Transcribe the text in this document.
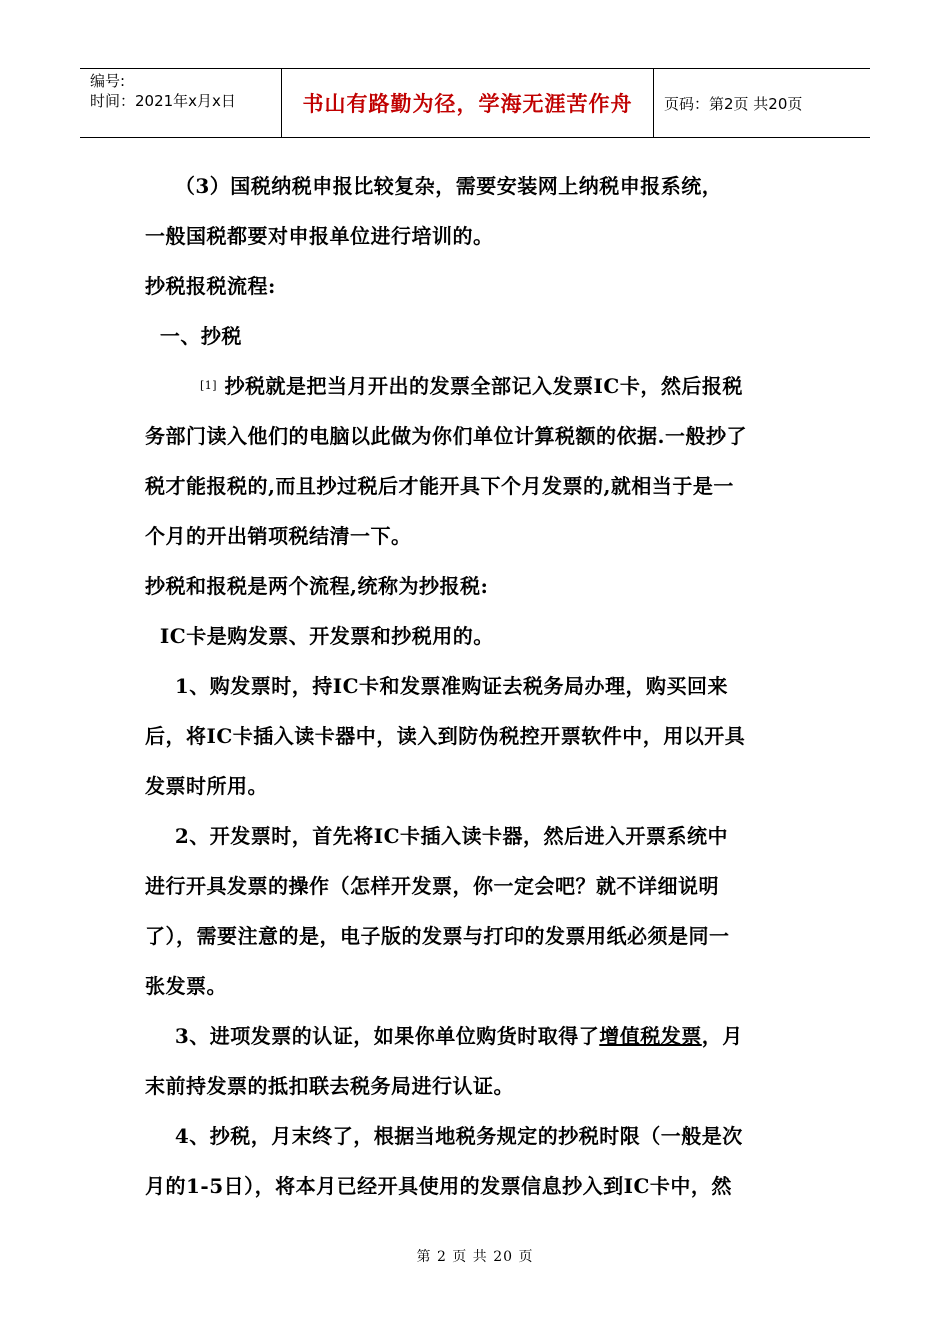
编号:
时间：2021年x月x日	书山有路勤为径，学海无涯苦作舟	页码：第2页 共20页
（3）国税纳税申报比较复杂，需要安装网上纳税申报系统，
一般国税都要对申报单位进行培训的。
抄税报税流程:
一、抄税
[1] 抄税就是把当月开出的发票全部记入发票IC卡，然后报税
务部门读入他们的电脑以此做为你们单位计算税额的依据.一般抄了
税才能报税的,而且抄过税后才能开具下个月发票的,就相当于是一
个月的开出销项税结清一下。
抄税和报税是两个流程,统称为抄报税:
IC卡是购发票、开发票和抄税用的。
1、购发票时，持IC卡和发票准购证去税务局办理，购买回来
后，将IC卡插入读卡器中，读入到防伪税控开票软件中，用以开具
发票时所用。
2、开发票时，首先将IC卡插入读卡器，然后进入开票系统中
进行开具发票的操作（怎样开发票，你一定会吧？就不详细说明
了），需要注意的是，电子版的发票与打印的发票用纸必须是同一
张发票。
3、进项发票的认证，如果你单位购货时取得了增值税发票，月
末前持发票的抵扣联去税务局进行认证。
4、抄税，月末终了，根据当地税务规定的抄税时限（一般是次
月的1-5日），将本月已经开具使用的发票信息抄入到IC卡中，然
第 2 页 共 20 页
